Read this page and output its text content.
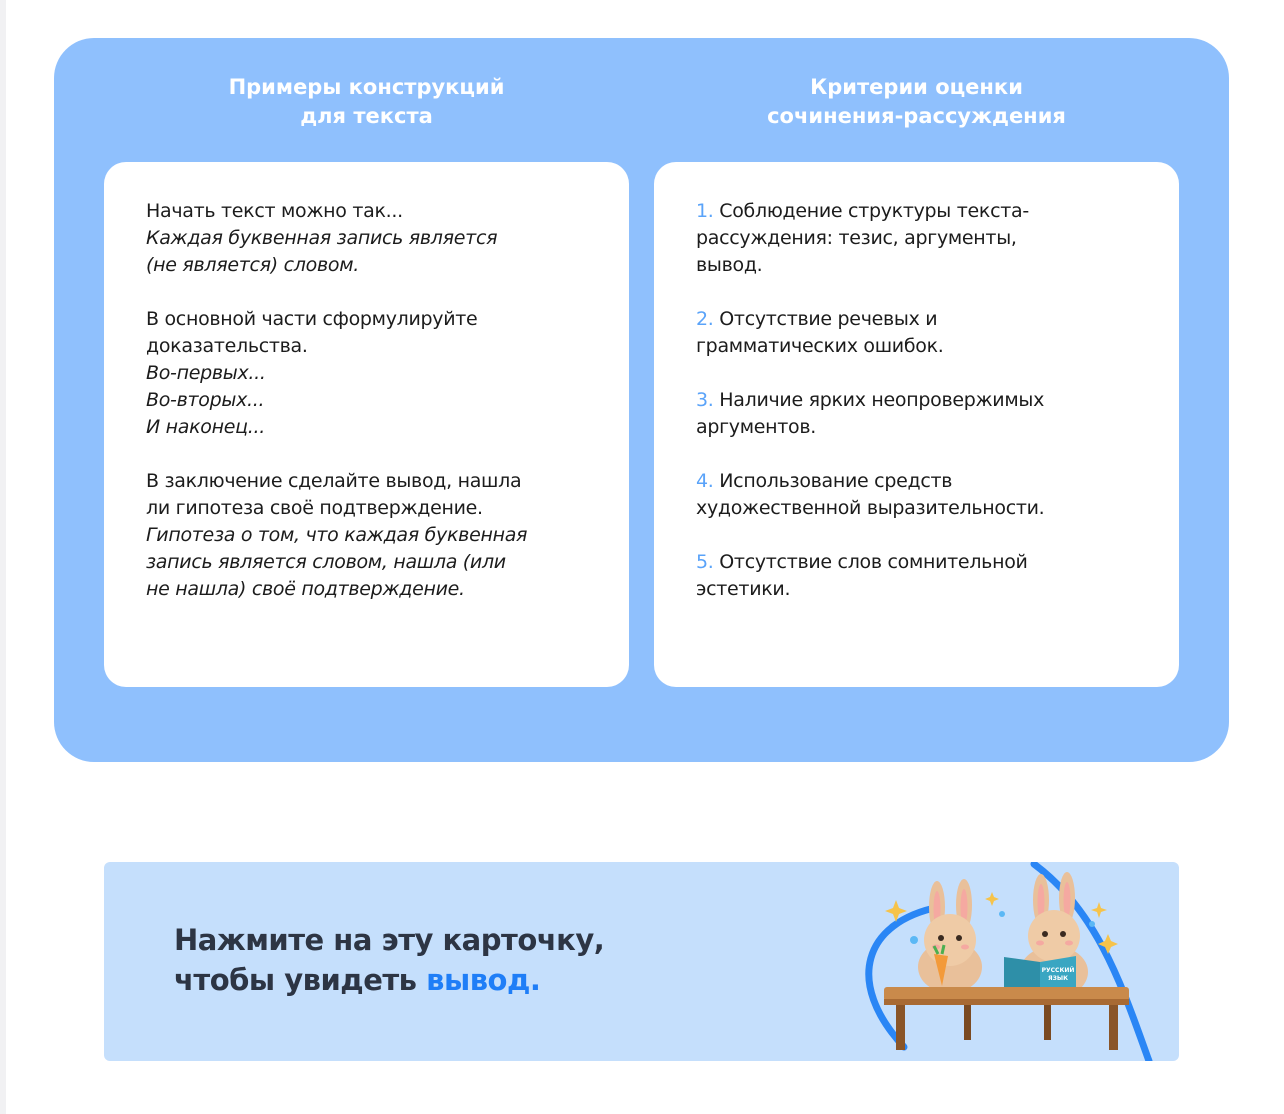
Примеры конструкций
для текста
Критерии оценки
сочинения-рассуждения
Начать текст можно так...
Каждая буквенная запись является
(не является) словом.
В основной части сформулируйте
доказательства.
Во-первых...
Во-вторых...
И наконец...
В заключение сделайте вывод, нашла
ли гипотеза своё подтверждение.
Гипотеза о том, что каждая буквенная
запись является словом, нашла (или
не нашла) своё подтверждение.
1. Соблюдение структуры текста-
рассуждения: тезис, аргументы,
вывод.
2. Отсутствие речевых и
грамматических ошибок.
3. Наличие ярких неопровержимых
аргументов.
4. Использование средств
художественной выразительности.
5. Отсутствие слов сомнительной
эстетики.
Нажмите на эту карточку,
чтобы увидеть вывод.	РУССКИЙ
ЯЗЫК
